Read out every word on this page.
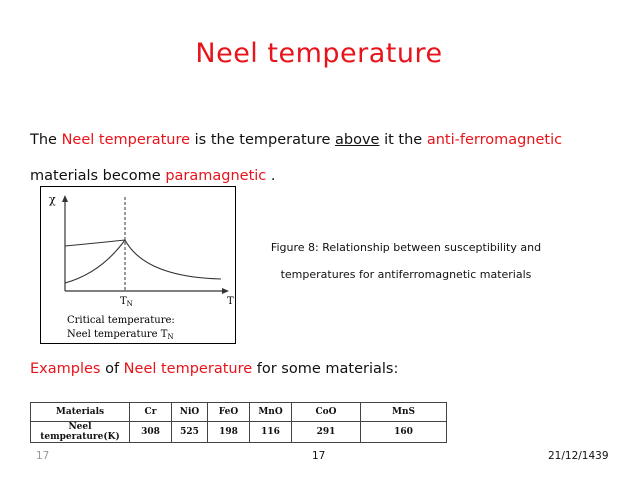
Neel temperature
The Neel temperature is the temperature above it the anti-ferromagnetic
materials become paramagnetic .
χ
T
$T_N$
Critical temperature:
Neel temperature $T_N$
Figure 8: Relationship between susceptibility and
temperatures for antiferromagnetic materials
Examples of Neel temperature for some materials:
Materials	Cr	NiO	FeO	MnO	CoO	MnS
Neel temperature(K)	308	525	198	116	291	160
17	17	21/12/1439
